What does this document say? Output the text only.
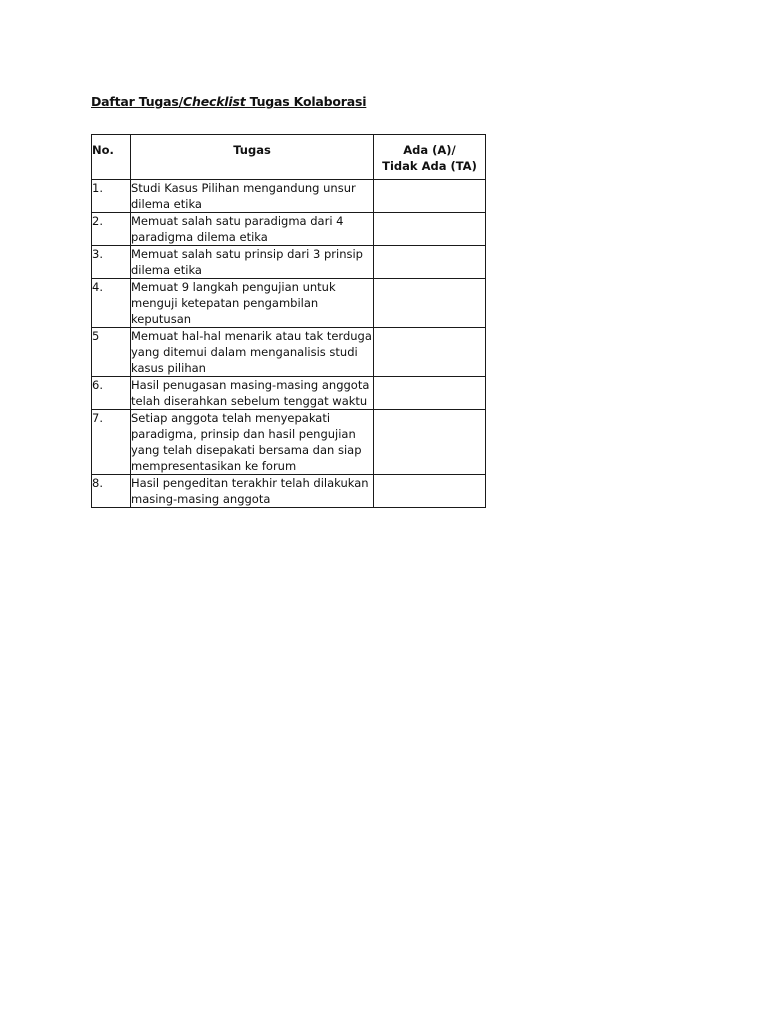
Daftar Tugas/Checklist Tugas Kolaborasi
No.	Tugas	Ada (A)/
Tidak Ada (TA)
1.	Studi Kasus Pilihan mengandung unsur dilema etika	
2.	Memuat salah satu paradigma dari 4 paradigma dilema etika	
3.	Memuat salah satu prinsip dari 3 prinsip dilema etika	
4.	Memuat 9 langkah pengujian untuk menguji ketepatan pengambilan keputusan	
5	Memuat hal-hal menarik atau tak terduga yang ditemui dalam menganalisis studi kasus pilihan	
6.	Hasil penugasan masing-masing anggota telah diserahkan sebelum tenggat waktu	
7.	Setiap anggota telah menyepakati paradigma, prinsip dan hasil pengujian yang telah disepakati bersama dan siap mempresentasikan ke forum	
8.	Hasil pengeditan terakhir telah dilakukan masing-masing anggota	
